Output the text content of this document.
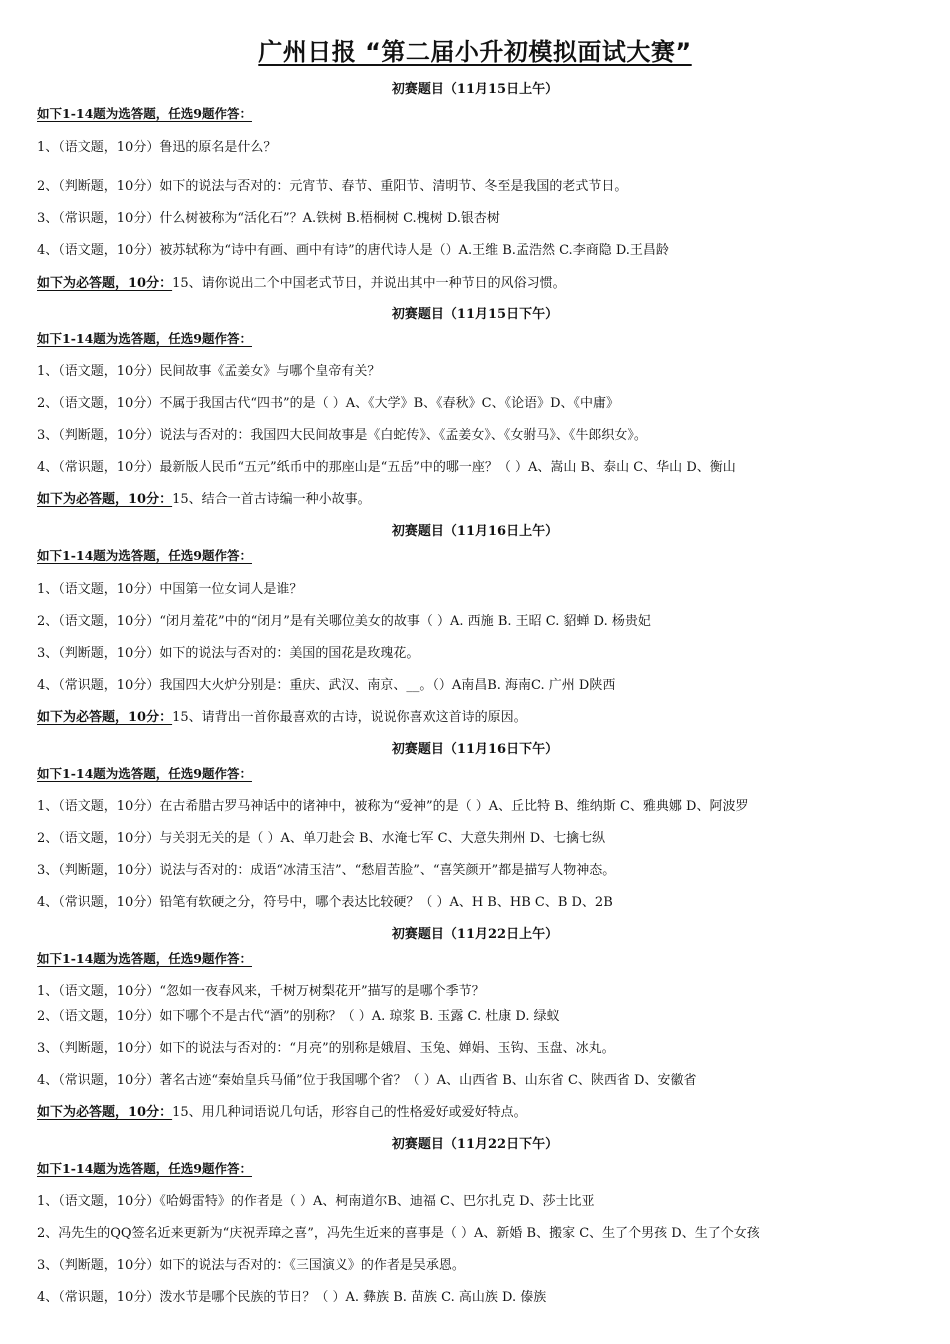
广州日报 “第二届小升初模拟面试大赛”
初赛题目（11月15日上午）
如下1-14题为选答题，任选9题作答：
1、（语文题，10分）鲁迅的原名是什么？
2、（判断题，10分）如下的说法与否对的：元宵节、春节、重阳节、清明节、冬至是我国的老式节日。
3、（常识题，10分）什么树被称为“活化石”？A.铁树 B.梧桐树 C.槐树 D.银杏树
4、（语文题，10分）被苏轼称为“诗中有画、画中有诗”的唐代诗人是（）A.王维 B.孟浩然 C.李商隐 D.王昌龄
如下为必答题，10分：15、请你说出二个中国老式节日，并说出其中一种节日的风俗习惯。
初赛题目（11月15日下午）
如下1-14题为选答题，任选9题作答：
1、（语文题，10分）民间故事《孟姜女》与哪个皇帝有关？
2、（语文题，10分）不属于我国古代“四书”的是（ ）A、《大学》B、《春秋》C、《论语》D、《中庸》
3、（判断题，10分）说法与否对的：我国四大民间故事是《白蛇传》、《孟姜女》、《女驸马》、《牛郎织女》。
4、（常识题，10分）最新版人民币“五元”纸币中的那座山是“五岳”中的哪一座？（ ）A、嵩山 B、泰山 C、华山 D、衡山
如下为必答题，10分：15、结合一首古诗编一种小故事。
初赛题目（11月16日上午）
如下1-14题为选答题，任选9题作答：
1、（语文题，10分）中国第一位女词人是谁？
2、（语文题，10分）“闭月羞花”中的“闭月”是有关哪位美女的故事（ ）A. 西施 B. 王昭 C. 貂蝉 D. 杨贵妃
3、（判断题，10分）如下的说法与否对的：美国的国花是玫瑰花。
4、（常识题，10分）我国四大火炉分别是：重庆、武汉、南京、__。（）A南昌B. 海南C. 广州 D陕西
如下为必答题，10分：15、请背出一首你最喜欢的古诗，说说你喜欢这首诗的原因。
初赛题目（11月16日下午）
如下1-14题为选答题，任选9题作答：
1、（语文题，10分）在古希腊古罗马神话中的诸神中，被称为“爱神”的是（ ）A、丘比特 B、维纳斯 C、雅典娜 D、阿波罗
2、（语文题，10分）与关羽无关的是（ ）A、单刀赴会 B、水淹七军 C、大意失荆州 D、七擒七纵
3、（判断题，10分）说法与否对的：成语“冰清玉洁”、“愁眉苦脸”、“喜笑颜开”都是描写人物神态。
4、（常识题，10分）铅笔有软硬之分，符号中，哪个表达比较硬？（ ）A、H B、HB C、B D、2B
初赛题目（11月22日上午）
如下1-14题为选答题，任选9题作答：
1、（语文题，10分）“忽如一夜春风来，千树万树梨花开”描写的是哪个季节？
2、（语文题，10分）如下哪个不是古代“酒”的别称？（ ）A. 琼浆 B. 玉露 C. 杜康 D. 绿蚁
3、（判断题，10分）如下的说法与否对的：“月亮”的别称是娥眉、玉兔、婵娟、玉钩、玉盘、冰丸。
4、（常识题，10分）著名古迹“秦始皇兵马俑”位于我国哪个省？（ ）A、山西省 B、山东省 C、陕西省 D、安徽省
如下为必答题，10分：15、用几种词语说几句话，形容自己的性格爱好或爱好特点。
初赛题目（11月22日下午）
如下1-14题为选答题，任选9题作答：
1、（语文题，10分）《哈姆雷特》的作者是（ ）A、柯南道尔B、迪福 C、巴尔扎克 D、莎士比亚
2、冯先生的QQ签名近来更新为“庆祝弄璋之喜”，冯先生近来的喜事是（ ）A、新婚 B、搬家 C、生了个男孩 D、生了个女孩
3、（判断题，10分）如下的说法与否对的：《三国演义》的作者是吴承恩。
4、（常识题，10分）泼水节是哪个民族的节日？（ ）A. 彝族 B. 苗族 C. 高山族 D. 傣族
